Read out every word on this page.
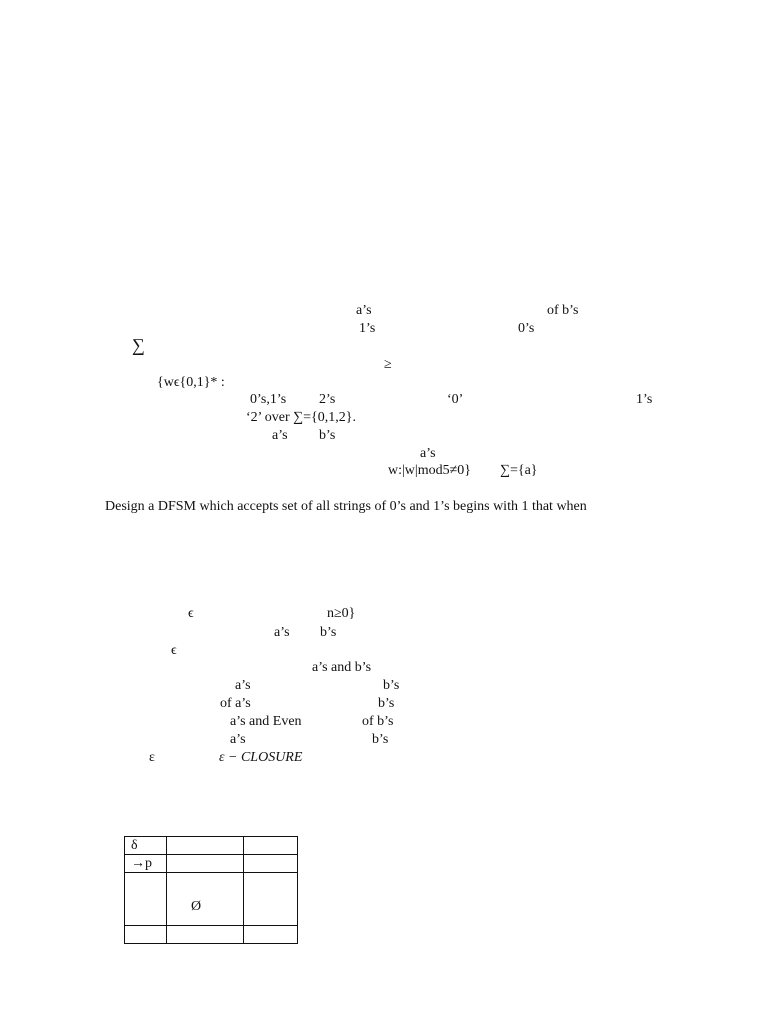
a’s	of b’s
1’s	0’s
∑
≥
{wϵ{0,1}* :
0’s,1’s 2’s	‘0’	1’s
‘2’ over ∑={0,1,2}.
a’s b’s
a’s
w:|w|mod5≠0} ∑={a}
Design a DFSM which accepts set of all strings of 0’s and 1’s begins with 1 that when
ϵ	n≥0}
a’s b’s
ϵ
a’s and b’s
a’s	b’s
of a’s	b’s
a’s and Even	of b’s
a’s	b’s
ε	ε − CLOSURE
δ		
→p		
	Ø	
